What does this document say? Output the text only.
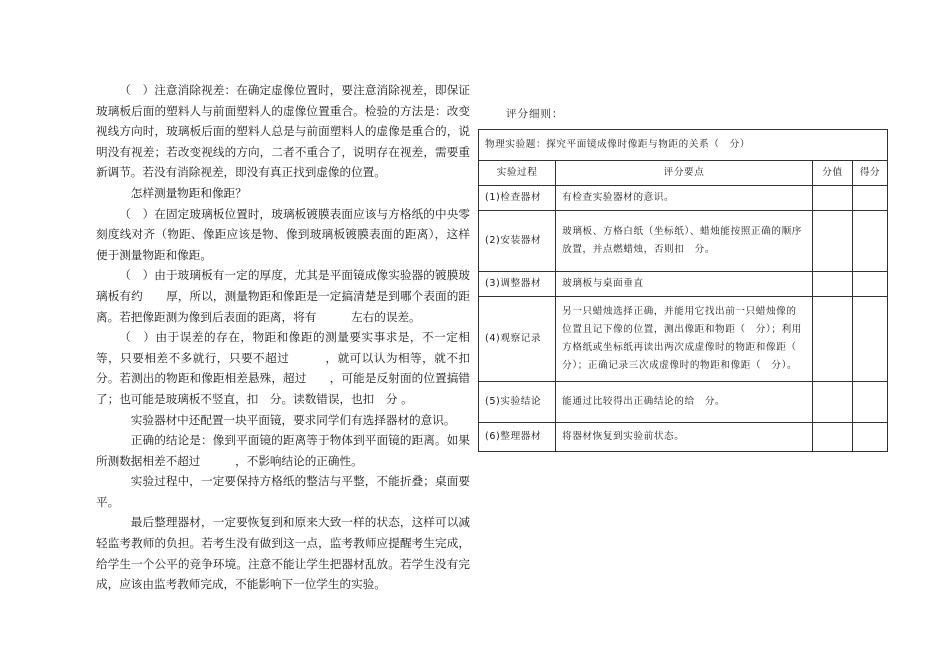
（　）注意消除视差：在确定虚像位置时，要注意消除视差，即保证玻璃板后面的塑料人与前面塑料人的虚像位置重合。检验的方法是：改变视线方向时，玻璃板后面的塑料人总是与前面塑料人的虚像是重合的，说明没有视差；若改变视线的方向，二者不重合了，说明存在视差，需要重新调节。若没有消除视差，即没有真正找到虚像的位置。

怎样测量物距和像距？

（　）在固定玻璃板位置时，玻璃板镀膜表面应该与方格纸的中央零刻度线对齐（物距、像距应该是物、像到玻璃板镀膜表面的距离），这样便于测量物距和像距。

（　）由于玻璃板有一定的厚度，尤其是平面镜成像实验器的镀膜玻璃板有约　　厚，所以，测量物距和像距是一定搞清楚是到哪个表面的距离。若把像距测为像到后表面的距离，将有　　　左右的误差。

（　）由于误差的存在，物距和像距的测量要实事求是，不一定相等，只要相差不多就行，只要不超过　　　，就可以认为相等，就不扣分。若测出的物距和像距相差悬殊，超过　　，可能是反射面的位置搞错了；也可能是玻璃板不竖直，扣　分。读数错误，也扣　分 。

实验器材中还配置一块平面镜，要求同学们有选择器材的意识。

正确的结论是：像到平面镜的距离等于物体到平面镜的距离。如果所测数据相差不超过　　　，不影响结论的正确性。

实验过程中，一定要保持方格纸的整洁与平整，不能折叠；桌面要平。

最后整理器材，一定要恢复到和原来大致一样的状态，这样可以减轻监考教师的负担。若考生没有做到这一点，监考教师应提醒考生完成，给学生一个公平的竞争环境。注意不能让学生把器材乱放。若学生没有完成，应该由监考教师完成，不能影响下一位学生的实验。

评分细则：
物理实验题：探究平面镜成像时像距与物距的关系（　分）			
实验过程	评分要点	分值	得分
(1)检查器材	有检查实验器材的意识。		
(2)安装器材	玻璃板、方格白纸（坐标纸）、蜡烛能按照正确的顺序放置，并点燃蜡烛，否则扣　分。		
(3)调整器材	玻璃板与桌面垂直		
(4)观察记录	另一只蜡烛选择正确，并能用它找出前一只蜡烛像的位置且记下像的位置，测出像距和物距（　分）；利用方格纸或坐标纸再读出两次成虚像时的物距和像距（　分）；正确记录三次成虚像时的物距和像距（　分）。		
(5)实验结论	能通过比较得出正确结论的给　分。		
(6)整理器材	将器材恢复到实验前状态。		
